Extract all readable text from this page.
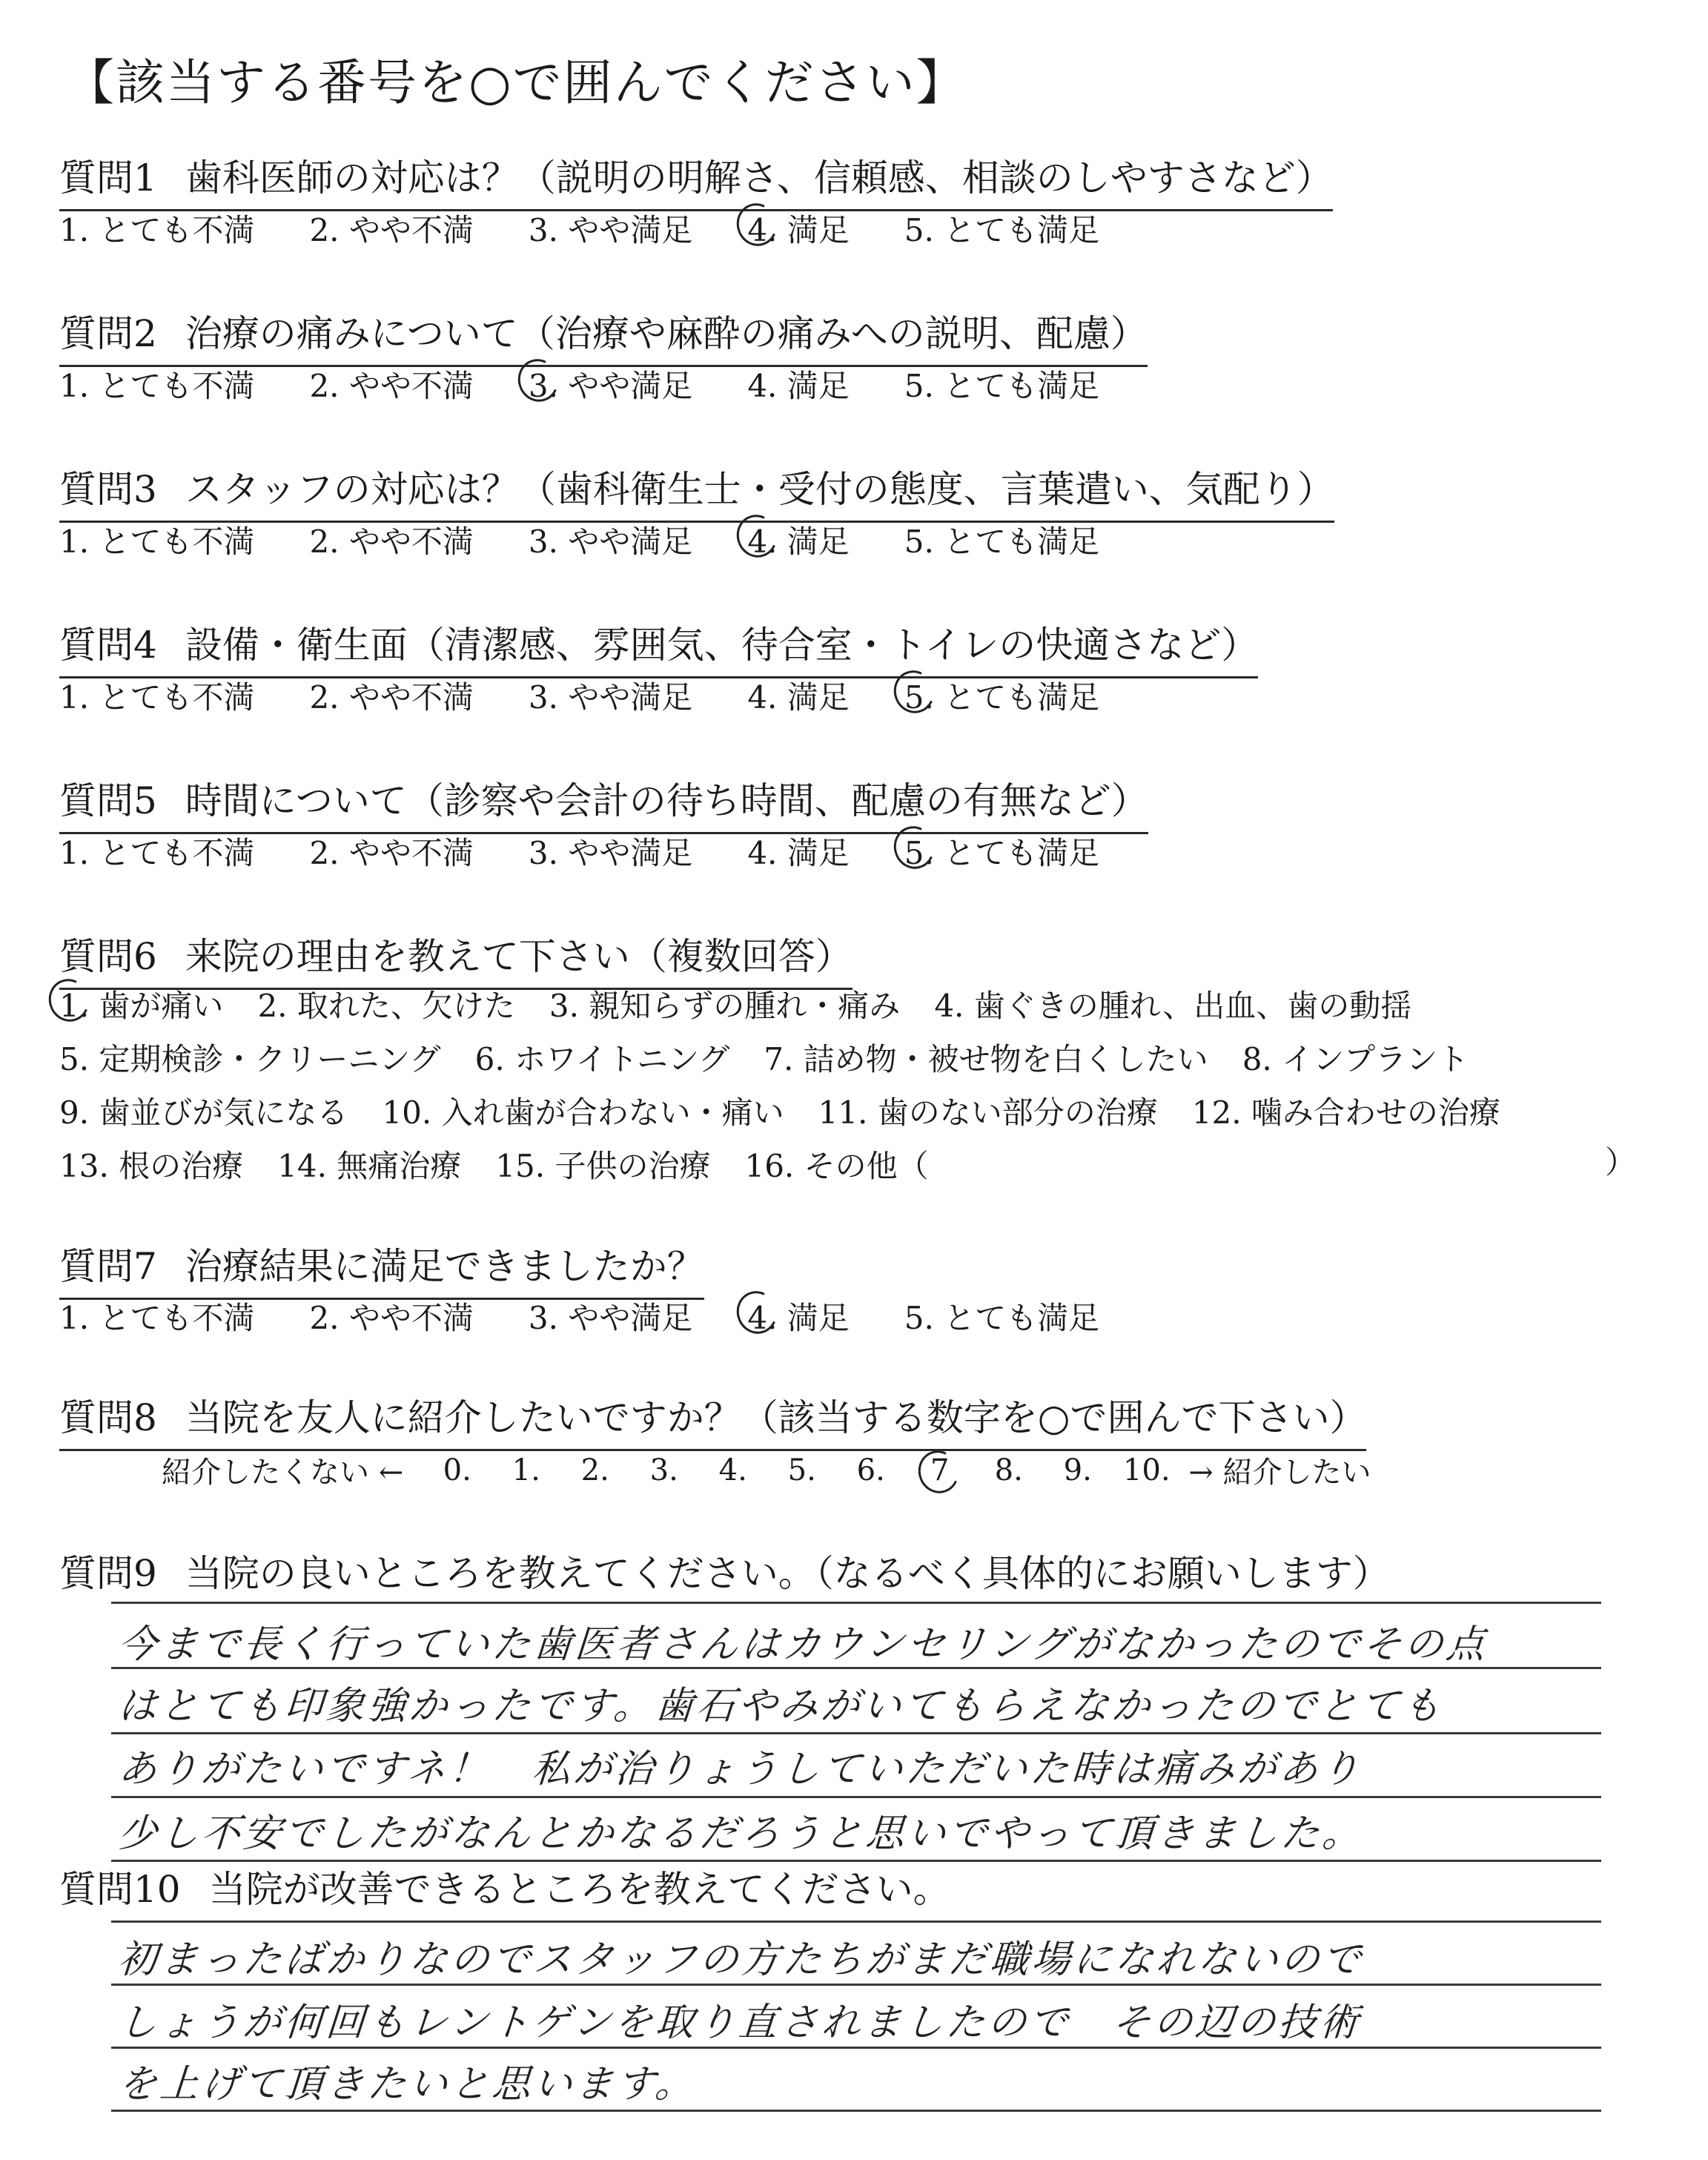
【該当する番号を○で囲んでください】
質問1 歯科医師の対応は？（説明の明解さ、信頼感、相談のしやすさなど）
1. とても不満 2. やや不満 3. やや満足 4. 満足 5. とても満足
質問2 治療の痛みについて（治療や麻酔の痛みへの説明、配慮）
1. とても不満 2. やや不満 3. やや満足 4. 満足 5. とても満足
質問3 スタッフの対応は？（歯科衛生士・受付の態度、言葉遣い、気配り）
1. とても不満 2. やや不満 3. やや満足 4. 満足 5. とても満足
質問4 設備・衛生面（清潔感、雰囲気、待合室・トイレの快適さなど）
1. とても不満 2. やや不満 3. やや満足 4. 満足 5. とても満足
質問5 時間について（診察や会計の待ち時間、配慮の有無など）
1. とても不満 2. やや不満 3. やや満足 4. 満足 5. とても満足
質問6 来院の理由を教えて下さい（複数回答）
1. 歯が痛い 2. 取れた、欠けた 3. 親知らずの腫れ・痛み 4. 歯ぐきの腫れ、出血、歯の動揺
5. 定期検診・クリーニング 6. ホワイトニング 7. 詰め物・被せ物を白くしたい 8. インプラント
9. 歯並びが気になる 10. 入れ歯が合わない・痛い 11. 歯のない部分の治療 12. 噛み合わせの治療
13. 根の治療 14. 無痛治療 15. 子供の治療 16. その他（	）
質問7 治療結果に満足できましたか？
1. とても不満 2. やや不満 3. やや満足 4. 満足 5. とても満足
質問8 当院を友人に紹介したいですか？（該当する数字を○で囲んで下さい）
紹介したくない ←	0.	1.	2.	3.	4.	5.	6.	7	8.	9.	10. → 紹介したい
質問9 当院の良いところを教えてください。（なるべく具体的にお願いします）
今まで長く行っていた歯医者さんはカウンセリングがなかったのでその点
はとても印象強かったです。歯石やみがいてもらえなかったのでとても
ありがたいですネ！　私が治りょうしていただいた時は痛みがあり
少し不安でしたがなんとかなるだろうと思いでやって頂きました。
質問10 当院が改善できるところを教えてください。
初まったばかりなのでスタッフの方たちがまだ職場になれないので
しょうが何回もレントゲンを取り直されましたので　その辺の技術
を上げて頂きたいと思います。
